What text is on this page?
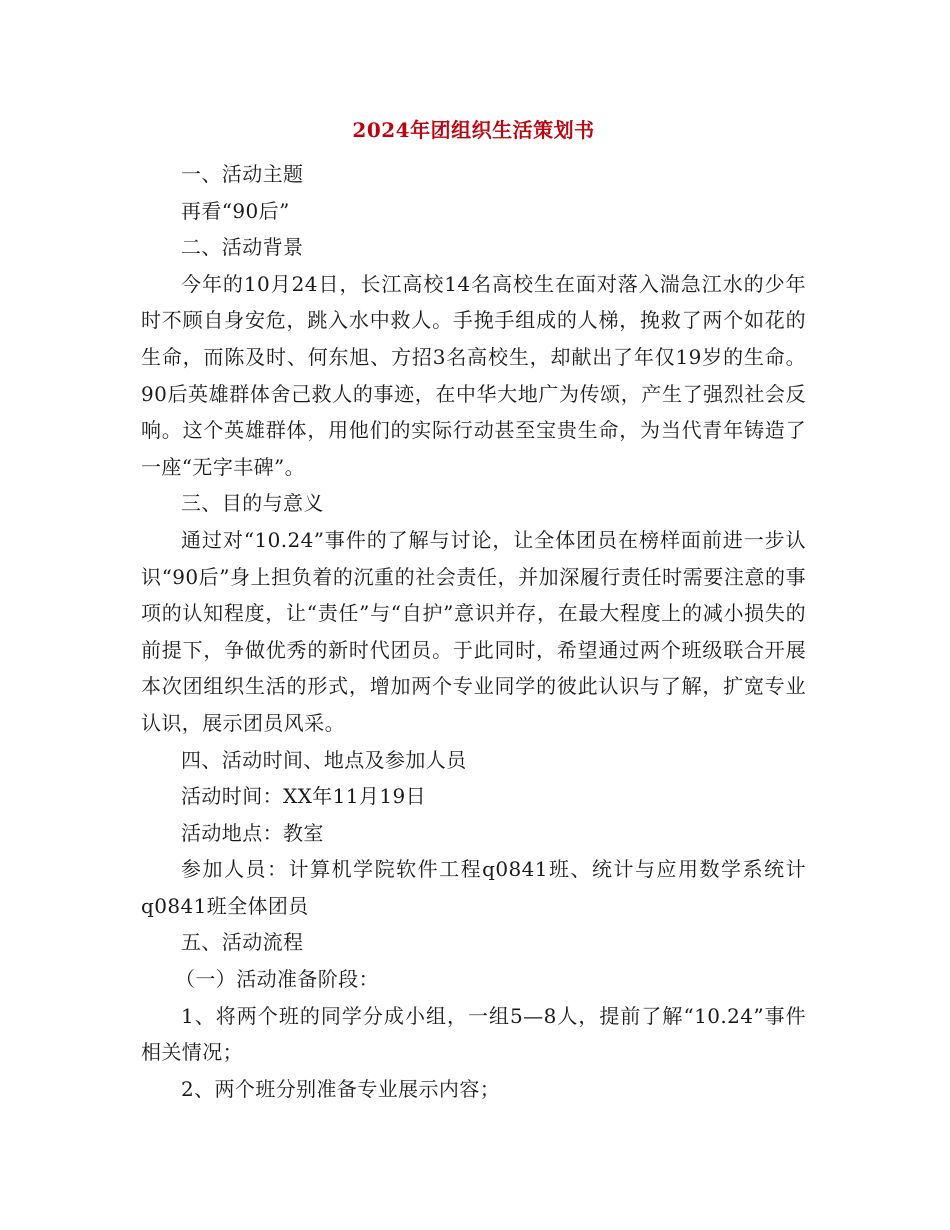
2024年团组织生活策划书

一、活动主题

再看“90后”

二、活动背景

今年的10月24日，长江高校14名高校生在面对落入湍急江水的少年时不顾自身安危，跳入水中救人。手挽手组成的人梯，挽救了两个如花的生命，而陈及时、何东旭、方招3名高校生，却献出了年仅19岁的生命。90后英雄群体舍己救人的事迹，在中华大地广为传颂，产生了强烈社会反响。这个英雄群体，用他们的实际行动甚至宝贵生命，为当代青年铸造了一座“无字丰碑”。

三、目的与意义

通过对“10.24”事件的了解与讨论，让全体团员在榜样面前进一步认识“90后”身上担负着的沉重的社会责任，并加深履行责任时需要注意的事项的认知程度，让“责任”与“自护”意识并存，在最大程度上的减小损失的前提下，争做优秀的新时代团员。于此同时，希望通过两个班级联合开展本次团组织生活的形式，增加两个专业同学的彼此认识与了解，扩宽专业认识，展示团员风采。

四、活动时间、地点及参加人员

活动时间：XX年11月19日

活动地点：教室

参加人员：计算机学院软件工程q0841班、统计与应用数学系统计q0841班全体团员

五、活动流程

（一）活动准备阶段：

1、将两个班的同学分成小组，一组5—8人，提前了解“10.24”事件相关情况；

2、两个班分别准备专业展示内容；
